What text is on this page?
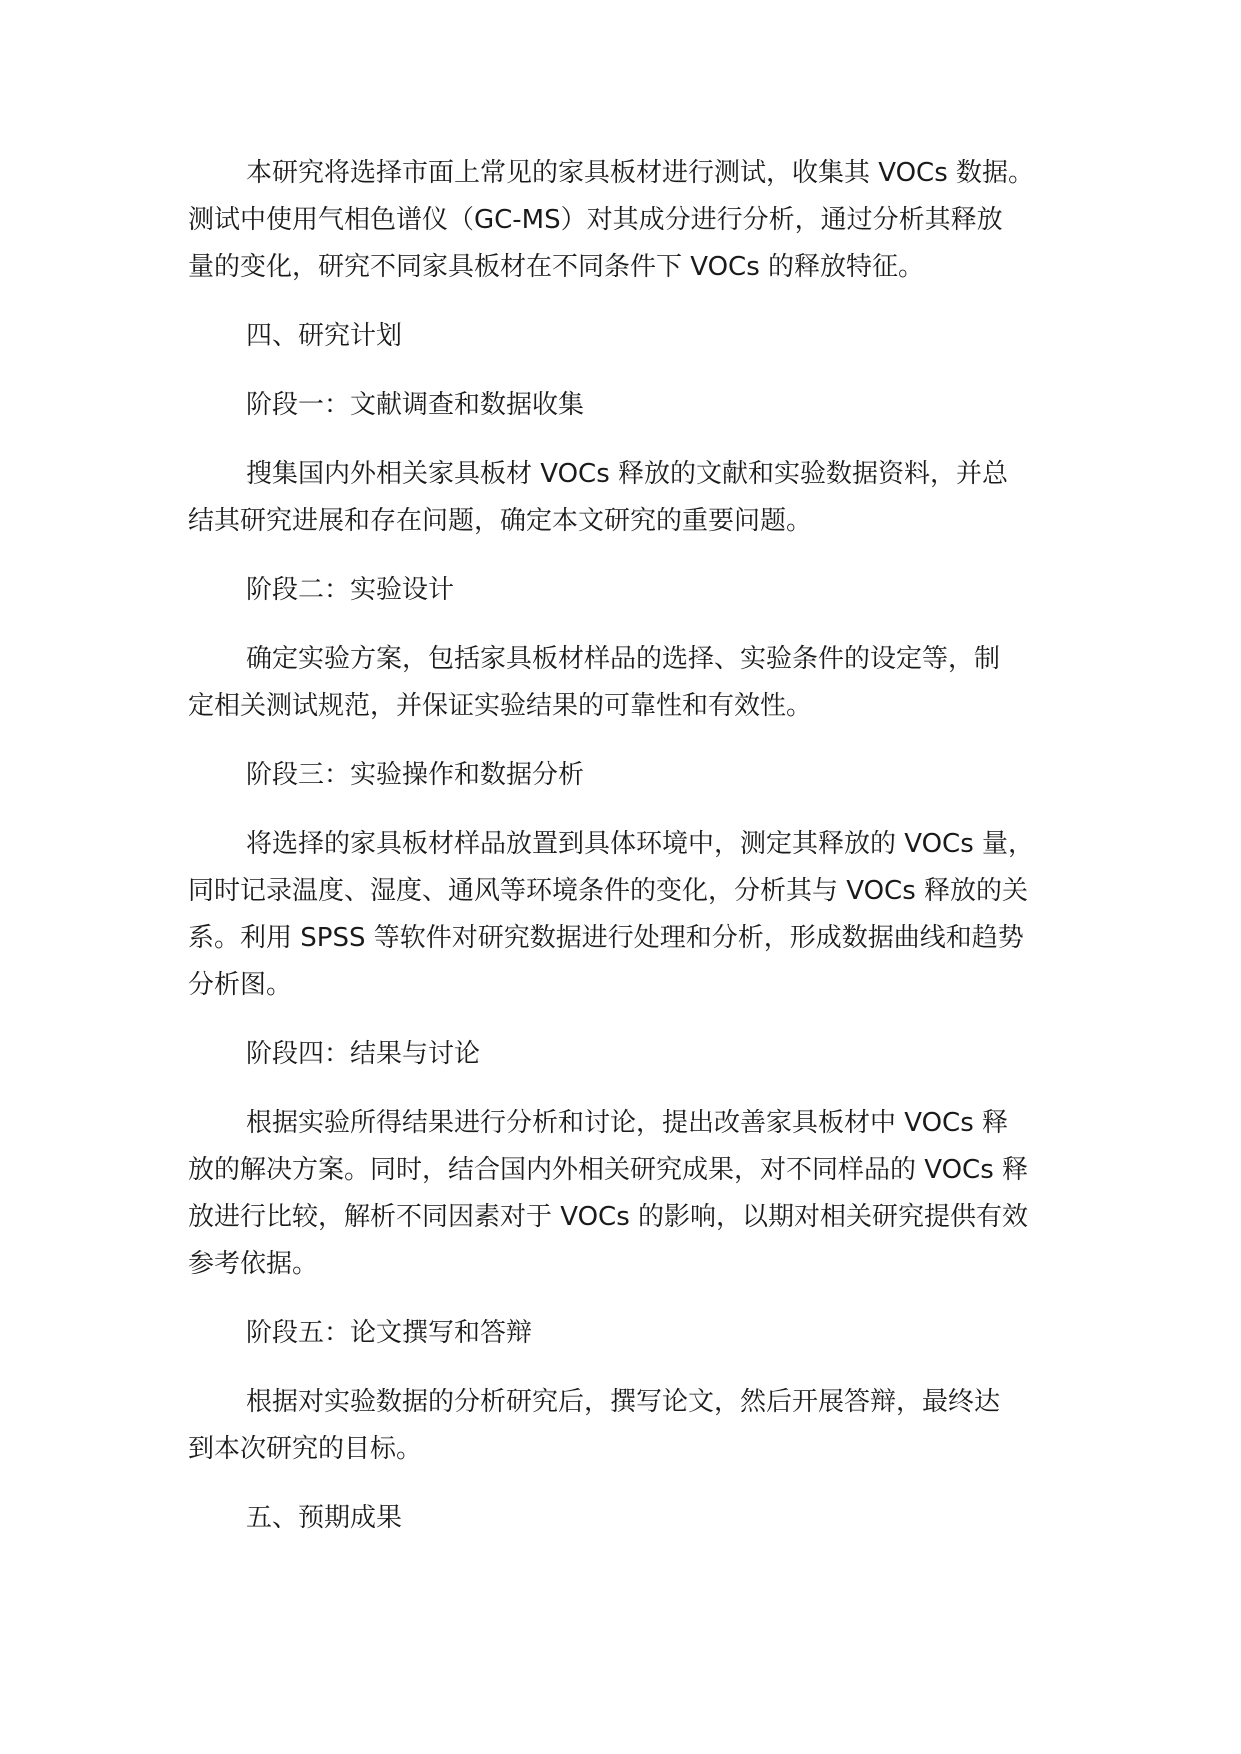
本研究将选择市面上常见的家具板材进行测试，收集其 VOCs 数据。
测试中使用气相色谱仪（GC-MS）对其成分进行分析，通过分析其释放
量的变化，研究不同家具板材在不同条件下 VOCs 的释放特征。
四、研究计划
阶段一：文献调查和数据收集
搜集国内外相关家具板材 VOCs 释放的文献和实验数据资料，并总
结其研究进展和存在问题，确定本文研究的重要问题。
阶段二：实验设计
确定实验方案，包括家具板材样品的选择、实验条件的设定等，制
定相关测试规范，并保证实验结果的可靠性和有效性。
阶段三：实验操作和数据分析
将选择的家具板材样品放置到具体环境中，测定其释放的 VOCs 量，
同时记录温度、湿度、通风等环境条件的变化，分析其与 VOCs 释放的关
系。利用 SPSS 等软件对研究数据进行处理和分析，形成数据曲线和趋势
分析图。
阶段四：结果与讨论
根据实验所得结果进行分析和讨论，提出改善家具板材中 VOCs 释
放的解决方案。同时，结合国内外相关研究成果，对不同样品的 VOCs 释
放进行比较，解析不同因素对于 VOCs 的影响，以期对相关研究提供有效
参考依据。
阶段五：论文撰写和答辩
根据对实验数据的分析研究后，撰写论文，然后开展答辩，最终达
到本次研究的目标。
五、预期成果
